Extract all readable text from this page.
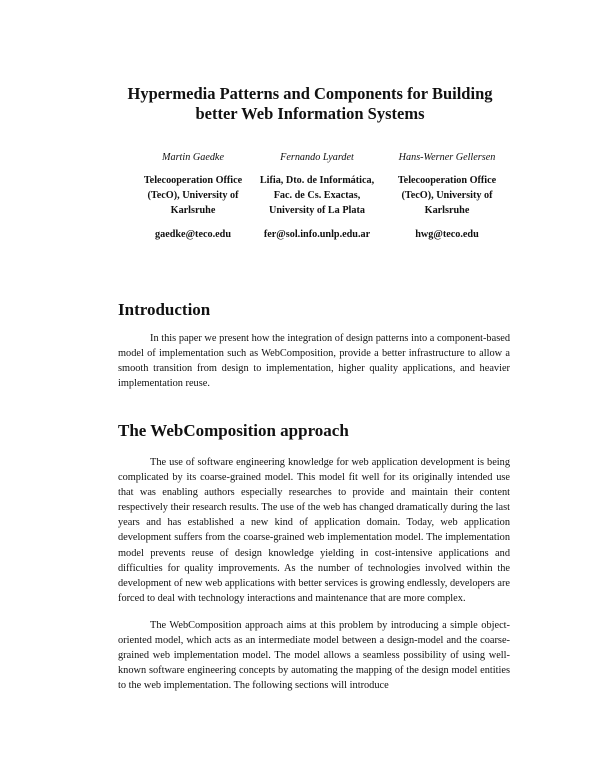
Hypermedia Patterns and Components for Building
better Web Information Systems
Martin Gaedke
Telecooperation Office
(TecO), University of
Karlsruhe
gaedke@teco.edu
Fernando Lyardet
Lifia, Dto. de Informática,
Fac. de Cs. Exactas,
University of La Plata
fer@sol.info.unlp.edu.ar
Hans-Werner Gellersen
Telecooperation Office
(TecO), University of
Karlsruhe
hwg@teco.edu
Introduction

In this paper we present how the integration of design patterns into a component-based model of implementation such as WebComposition, provide a better infrastructure to allow a smooth transition from design to implementation, higher quality applications, and heavier implementation reuse.

The WebComposition approach

The use of software engineering knowledge for web application development is being complicated by its coarse-grained model. This model fit well for its originally intended use that was enabling authors especially researches to provide and maintain their content respectively their research results. The use of the web has changed dramatically during the last years and has established a new kind of application domain. Today, web application development suffers from the coarse-grained web implementation model. The implementation model prevents reuse of design knowledge yielding in cost-intensive applications and difficulties for quality improvements. As the number of technologies involved within the development of new web applications with better services is growing endlessly, developers are forced to deal with technology interactions and maintenance that are more complex.

The WebComposition approach aims at this problem by introducing a simple object-oriented model, which acts as an intermediate model between a design-model and the coarse-grained web implementation model. The model allows a seamless possibility of using well-known software engineering concepts by automating the mapping of the design model entities to the web implementation. The following sections will introduce
